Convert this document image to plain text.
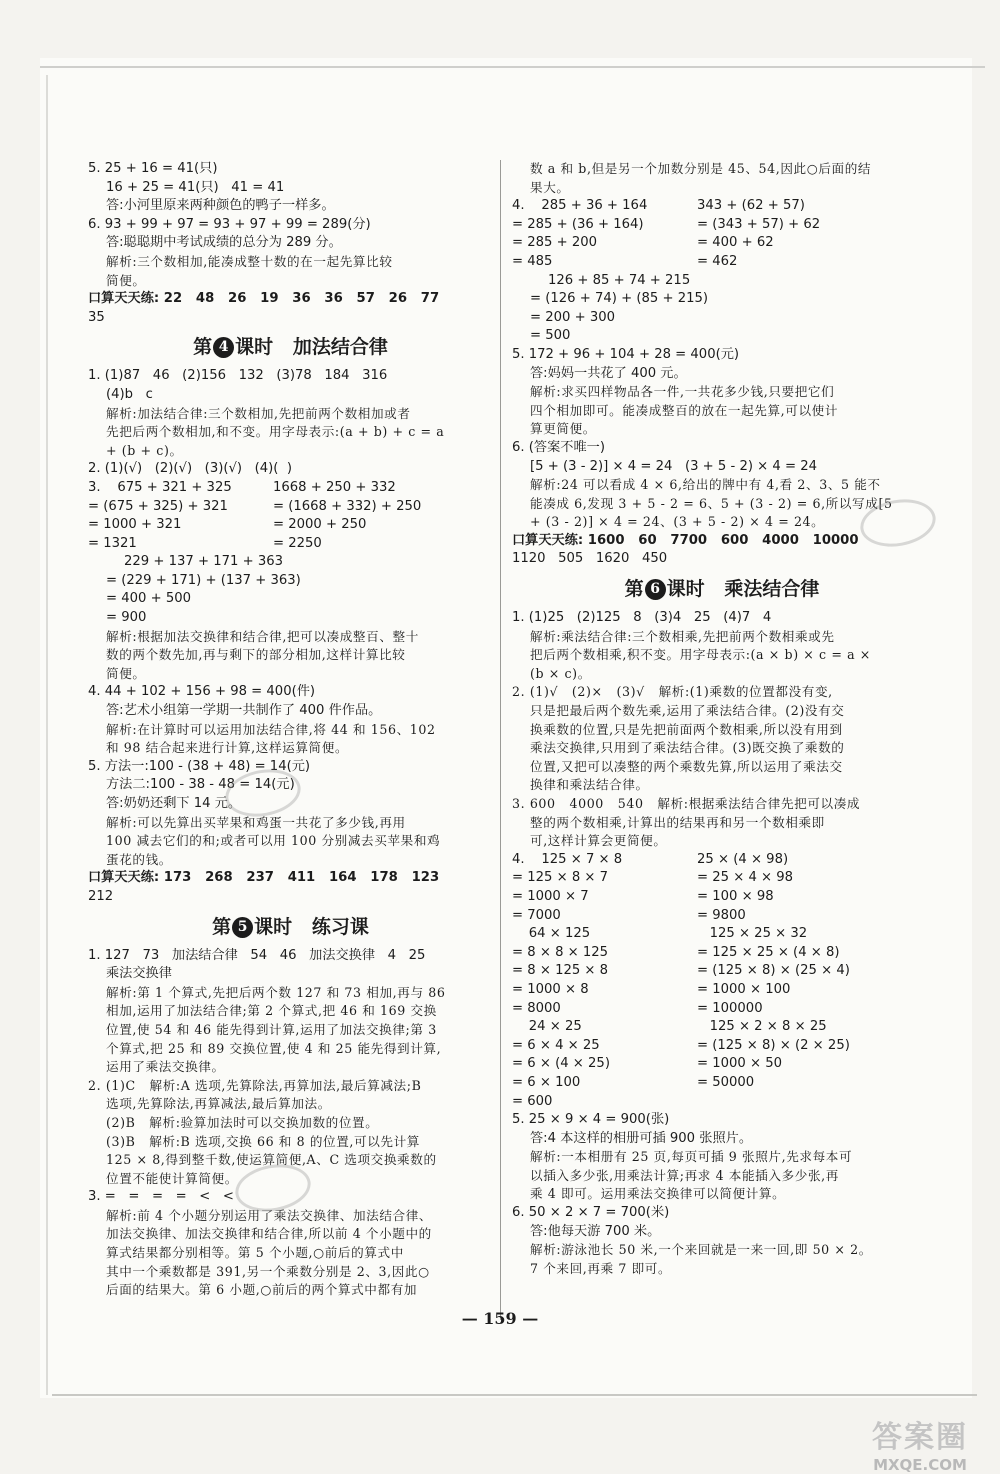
5. 25 + 16 = 41(只)
16 + 25 = 41(只)   41 = 41
答:小河里原来两种颜色的鸭子一样多。
6. 93 + 99 + 97 = 93 + 97 + 99 = 289(分)
答:聪聪期中考试成绩的总分为 289 分。
解析:三个数相加,能凑成整十数的在一起先算比较
简便。
口算天天练: 22   48   26   19   36   36   57   26   77
35
第 4 课时   加法结合律
1. (1)87   46   (2)156   132   (3)78   184   316
(4)b   c
解析:加法结合律:三个数相加,先把前两个数相加或者
先把后两个数相加,和不变。用字母表示:(a + b) + c = a
+ (b + c)。
2. (1)(√)   (2)(√)   (3)(√)   (4)(  )
3.    675 + 321 + 325
= (675 + 325) + 321
= 1000 + 321
= 1321
1668 + 250 + 332
= (1668 + 332) + 250
= 2000 + 250
= 2250
229 + 137 + 171 + 363
= (229 + 171) + (137 + 363)
= 400 + 500
= 900
解析:根据加法交换律和结合律,把可以凑成整百、整十
数的两个数先加,再与剩下的部分相加,这样计算比较
简便。
4. 44 + 102 + 156 + 98 = 400(件)
答:艺术小组第一学期一共制作了 400 件作品。
解析:在计算时可以运用加法结合律,将 44 和 156、102
和 98 结合起来进行计算,这样运算简便。
5. 方法一:100 - (38 + 48) = 14(元)
方法二:100 - 38 - 48 = 14(元)
答:奶奶还剩下 14 元。
解析:可以先算出买苹果和鸡蛋一共花了多少钱,再用
100 减去它们的和;或者可以用 100 分别减去买苹果和鸡
蛋花的钱。
口算天天练: 173   268   237   411   164   178   123
212
第 5 课时   练习课
1. 127   73   加法结合律   54   46   加法交换律   4   25
乘法交换律
解析:第 1 个算式,先把后两个数 127 和 73 相加,再与 86
相加,运用了加法结合律;第 2 个算式,把 46 和 169 交换
位置,使 54 和 46 能先得到计算,运用了加法交换律;第 3
个算式,把 25 和 89 交换位置,使 4 和 25 能先得到计算,
运用了乘法交换律。
2. (1)C   解析:A 选项,先算除法,再算加法,最后算减法;B
选项,先算除法,再算减法,最后算加法。
(2)B   解析:验算加法时可以交换加数的位置。
(3)B   解析:B 选项,交换 66 和 8 的位置,可以先计算
125 × 8,得到整千数,使运算简便,A、C 选项交换乘数的
位置不能使计算简便。
3. =   =   =   =   <   <
解析:前 4 个小题分别运用了乘法交换律、加法结合律、
加法交换律、加法交换律和结合律,所以前 4 个小题中的
算式结果都分别相等。第 5 个小题,○前后的算式中
其中一个乘数都是 391,另一个乘数分别是 2、3,因此○
后面的结果大。第 6 小题,○前后的两个算式中都有加
数 a 和 b,但是另一个加数分别是 45、54,因此○后面的结
果大。
4.    285 + 36 + 164
= 285 + (36 + 164)
= 285 + 200
= 485
343 + (62 + 57)
= (343 + 57) + 62
= 400 + 62
= 462
126 + 85 + 74 + 215
= (126 + 74) + (85 + 215)
= 200 + 300
= 500
5. 172 + 96 + 104 + 28 = 400(元)
答:妈妈一共花了 400 元。
解析:求买四样物品各一件,一共花多少钱,只要把它们
四个相加即可。能凑成整百的放在一起先算,可以使计
算更简便。
6. (答案不唯一)
[5 + (3 - 2)] × 4 = 24   (3 + 5 - 2) × 4 = 24
解析:24 可以看成 4 × 6,给出的牌中有 4,看 2、3、5 能不
能凑成 6,发现 3 + 5 - 2 = 6、5 + (3 - 2) = 6,所以写成[5
+ (3 - 2)] × 4 = 24、(3 + 5 - 2) × 4 = 24。
口算天天练: 1600   60   7700   600   4000   10000
1120   505   1620   450
第 6 课时   乘法结合律
1. (1)25   (2)125   8   (3)4   25   (4)7   4
解析:乘法结合律:三个数相乘,先把前两个数相乘或先
把后两个数相乘,积不变。用字母表示:(a × b) × c = a ×
(b × c)。
2. (1)√   (2)×   (3)√   解析:(1)乘数的位置都没有变,
只是把最后两个数先乘,运用了乘法结合律。(2)没有交
换乘数的位置,只是先把前面两个数相乘,所以没有用到
乘法交换律,只用到了乘法结合律。(3)既交换了乘数的
位置,又把可以凑整的两个乘数先算,所以运用了乘法交
换律和乘法结合律。
3. 600   4000   540   解析:根据乘法结合律先把可以凑成
整的两个数相乘,计算出的结果再和另一个数相乘即
可,这样计算会更简便。
4.    125 × 7 × 8
= 125 × 8 × 7
= 1000 × 7
= 7000
64 × 125
= 8 × 8 × 125
= 8 × 125 × 8
= 1000 × 8
= 8000
24 × 25
= 6 × 4 × 25
= 6 × (4 × 25)
= 6 × 100
= 600
25 × (4 × 98)
= 25 × 4 × 98
= 100 × 98
= 9800
125 × 25 × 32
= 125 × 25 × (4 × 8)
= (125 × 8) × (25 × 4)
= 1000 × 100
= 100000
125 × 2 × 8 × 25
= (125 × 8) × (2 × 25)
= 1000 × 50
= 50000
5. 25 × 9 × 4 = 900(张)
答:4 本这样的相册可插 900 张照片。
解析:一本相册有 25 页,每页可插 9 张照片,先求每本可
以插入多少张,用乘法计算;再求 4 本能插入多少张,再
乘 4 即可。运用乘法交换律可以简便计算。
6. 50 × 2 × 7 = 700(米)
答:他每天游 700 米。
解析:游泳池长 50 米,一个来回就是一来一回,即 50 × 2。
7 个来回,再乘 7 即可。
— 159 —
答案圈
MXQE.COM
